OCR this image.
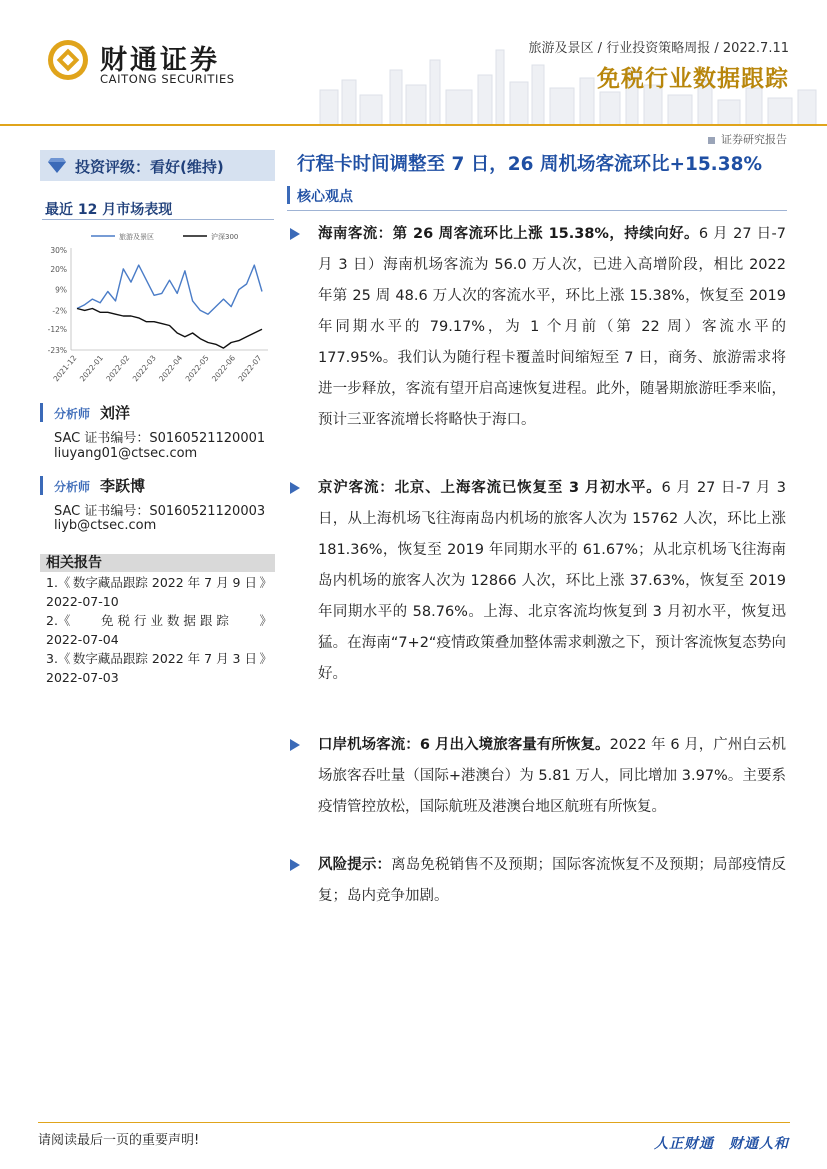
财通证券
CAITONG SECURITIES
旅游及景区 / 行业投资策略周报 / 2022.7.11
免税行业数据跟踪
证券研究报告
投资评级：看好(维持)
最近 12 月市场表现
旅游及景区	沪深300
30%
20%
9%
-2%
-12%
-23%
2021-12 2022-01 2022-02 2022-03 2022-04 2022-05 2022-06 2022-07
分析师 刘洋
SAC 证书编号：S0160521120001
liuyang01@ctsec.com
分析师 李跃博
SAC 证书编号：S0160521120003
liyb@ctsec.com
相关报告
1.《 数字藏品跟踪 2022 年 7 月 9 日 》
2022-07-10
2.《 免 税 行 业 数 据 跟 踪 》
2022-07-04
3.《 数字藏品跟踪 2022 年 7 月 3 日 》
2022-07-03
行程卡时间调整至 7 日，26 周机场客流环比+15.38%
核心观点
海南客流：第 26 周客流环比上涨 15.38%，持续向好。6 月 27 日-7 月 3 日）海南机场客流为 56.0 万人次，已进入高增阶段，相比 2022 年第 25 周 48.6 万人次的客流水平，环比上涨 15.38%，恢复至 2019 年同期水平的 79.17%，为 1 个月前（第 22 周）客流水平的 177.95%。我们认为随行程卡覆盖时间缩短至 7 日，商务、旅游需求将进一步释放，客流有望开启高速恢复进程。此外，随暑期旅游旺季来临，预计三亚客流增长将略快于海口。
京沪客流：北京、上海客流已恢复至 3 月初水平。6 月 27 日-7 月 3 日，从上海机场飞往海南岛内机场的旅客人次为 15762 人次，环比上涨 181.36%，恢复至 2019 年同期水平的 61.67%；从北京机场飞往海南岛内机场的旅客人次为 12866 人次，环比上涨 37.63%，恢复至 2019 年同期水平的 58.76%。上海、北京客流均恢复到 3 月初水平，恢复迅猛。在海南“7+2“疫情政策叠加整体需求刺激之下，预计客流恢复态势向好。
口岸机场客流：6 月出入境旅客量有所恢复。2022 年 6 月，广州白云机场旅客吞吐量（国际+港澳台）为 5.81 万人，同比增加 3.97%。主要系疫情管控放松，国际航班及港澳台地区航班有所恢复。
风险提示：离岛免税销售不及预期；国际客流恢复不及预期；局部疫情反复；岛内竞争加剧。
请阅读最后一页的重要声明!	人正财通　财通人和
